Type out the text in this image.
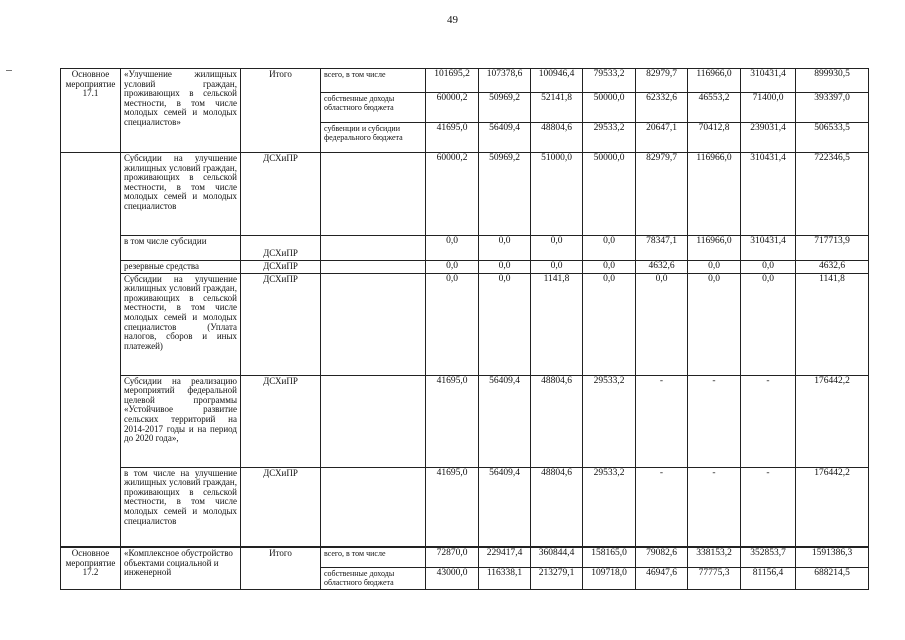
49
Основное мероприятие 17.1	«Улучшение жилищных условий граждан, проживающих в сельской местности, в том числе молодых семей и молодых специалистов»	Итого	всего, в том числе	101695,2	107378,6	100946,4	79533,2	82979,7	116966,0	310431,4	899930,5
			собственные доходы областного бюджета	60000,2	50969,2	52141,8	50000,0	62332,6	46553,2	71400,0	393397,0
			субвенции и субсидии федерального бюджета	41695,0	56409,4	48804,6	29533,2	20647,1	70412,8	239031,4	506533,5
	Субсидии на улучшение жилищных условий граждан, проживающих в сельской местности, в том числе молодых семей и молодых специалистов	ДСХиПР		60000,2	50969,2	51000,0	50000,0	82979,7	116966,0	310431,4	722346,5
	в том числе субсидии	ДСХиПР		0,0	0,0	0,0	0,0	78347,1	116966,0	310431,4	717713,9
	резервные средства	ДСХиПР		0,0	0,0	0,0	0,0	4632,6	0,0	0,0	4632,6
	Субсидии на улучшение жилищных условий граждан, проживающих в сельской местности, в том числе молодых семей и молодых специалистов (Уплата налогов, сборов и иных платежей)	ДСХиПР		0,0	0,0	1141,8	0,0	0,0	0,0	0,0	1141,8
	Субсидии на реализацию мероприятий федеральной целевой программы «Устойчивое развитие сельских территорий на 2014-2017 годы и на период до 2020 года»,	ДСХиПР		41695,0	56409,4	48804,6	29533,2	-	-	-	176442,2
	в том числе на улучшение жилищных условий граждан, проживающих в сельской местности, в том числе молодых семей и молодых специалистов	ДСХиПР		41695,0	56409,4	48804,6	29533,2	-	-	-	176442,2
Основное мероприятие 17.2	«Комплексное обустройство объектами социальной и инженерной	Итого	всего, в том числе	72870,0	229417,4	360844,4	158165,0	79082,6	338153,2	352853,7	1591386,3
			собственные доходы областного бюджета	43000,0	116338,1	213279,1	109718,0	46947,6	77775,3	81156,4	688214,5
